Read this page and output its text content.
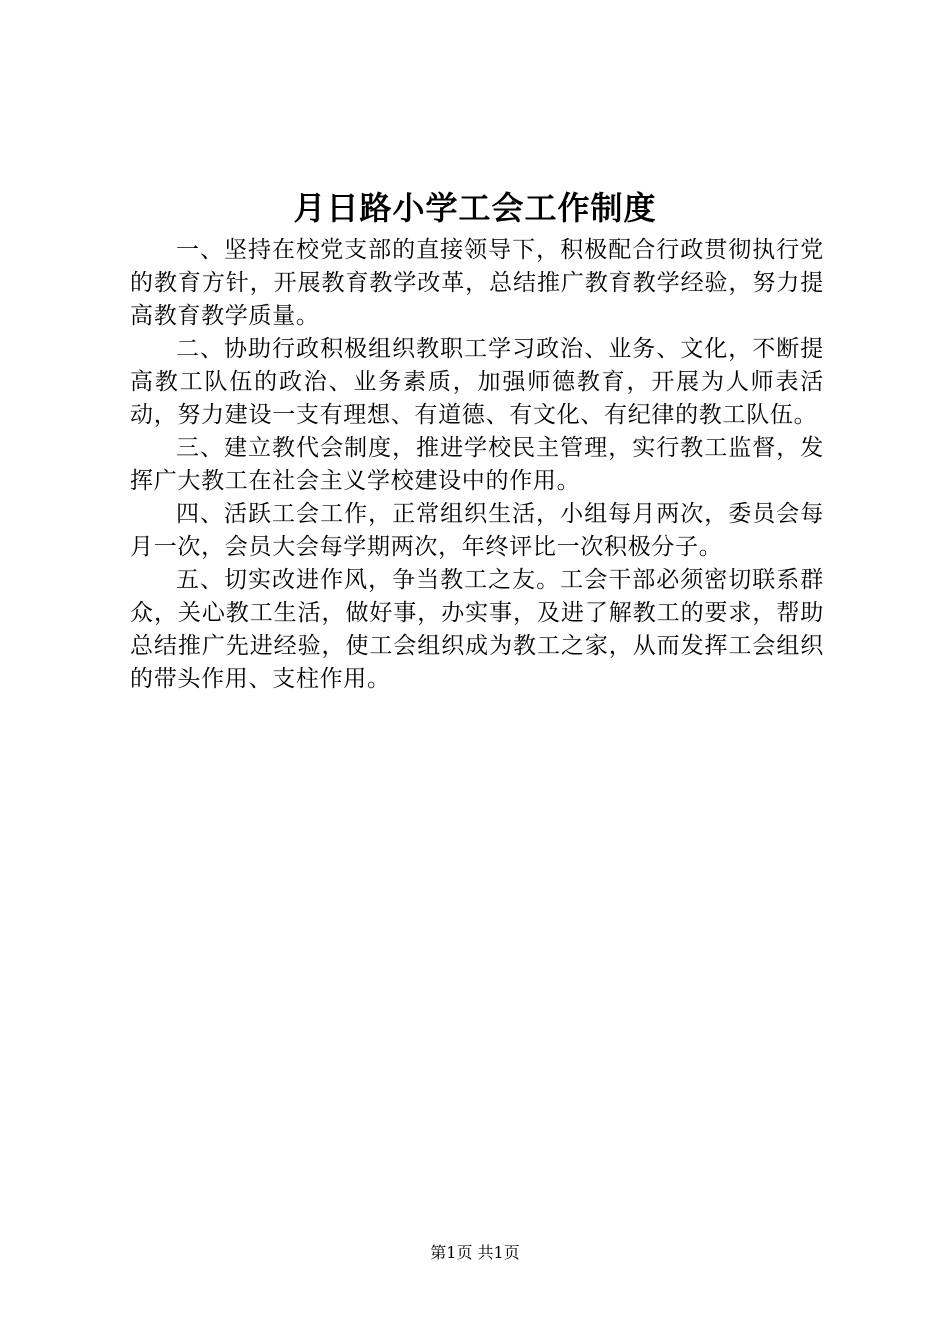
月日路小学工会工作制度

一、坚持在校党支部的直接领导下，积极配合行政贯彻执行党的教育方针，开展教育教学改革，总结推广教育教学经验，努力提高教育教学质量。

二、协助行政积极组织教职工学习政治、业务、文化，不断提高教工队伍的政治、业务素质，加强师德教育，开展为人师表活动，努力建设一支有理想、有道德、有文化、有纪律的教工队伍。

三、建立教代会制度，推进学校民主管理，实行教工监督，发挥广大教工在社会主义学校建设中的作用。

四、活跃工会工作，正常组织生活，小组每月两次，委员会每月一次，会员大会每学期两次，年终评比一次积极分子。

五、切实改进作风，争当教工之友。工会干部必须密切联系群众，关心教工生活，做好事，办实事，及进了解教工的要求，帮助总结推广先进经验，使工会组织成为教工之家，从而发挥工会组织的带头作用、支柱作用。

第1页 共1页
